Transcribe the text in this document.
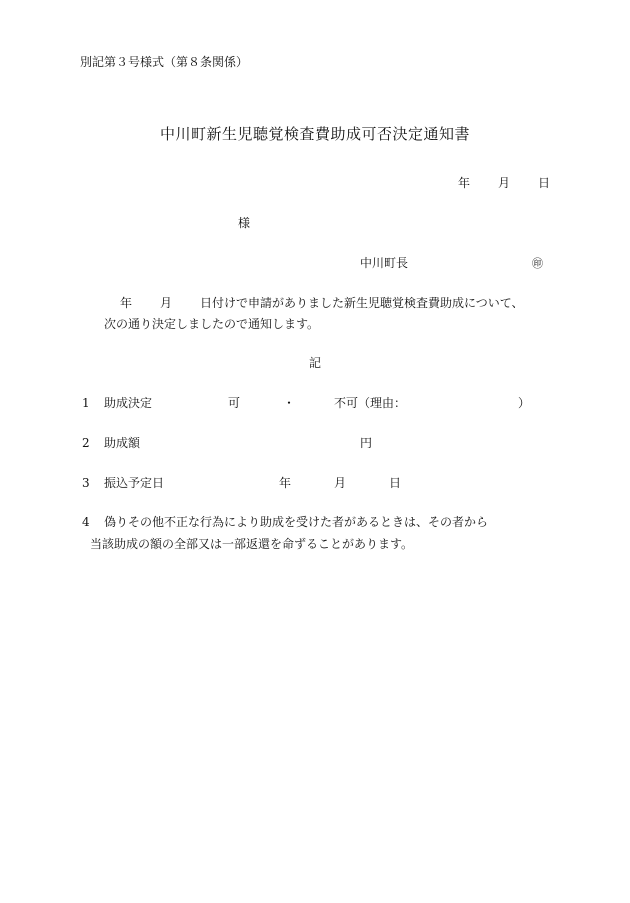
別記第３号様式（第８条関係）
中川町新生児聴覚検査費助成可否決定通知書
年 月 日
様
中川町長	㊞
年 月 日付けで申請がありました新生児聴覚検査費助成について、
次の通り決定しましたので通知します。
記
1 助成決定	可	・	不可（理由：	）
2 助成額	円
3 振込予定日	年	月	日
4 偽りその他不正な行為により助成を受けた者があるときは、その者から
当該助成の額の全部又は一部返還を命ずることがあります。
